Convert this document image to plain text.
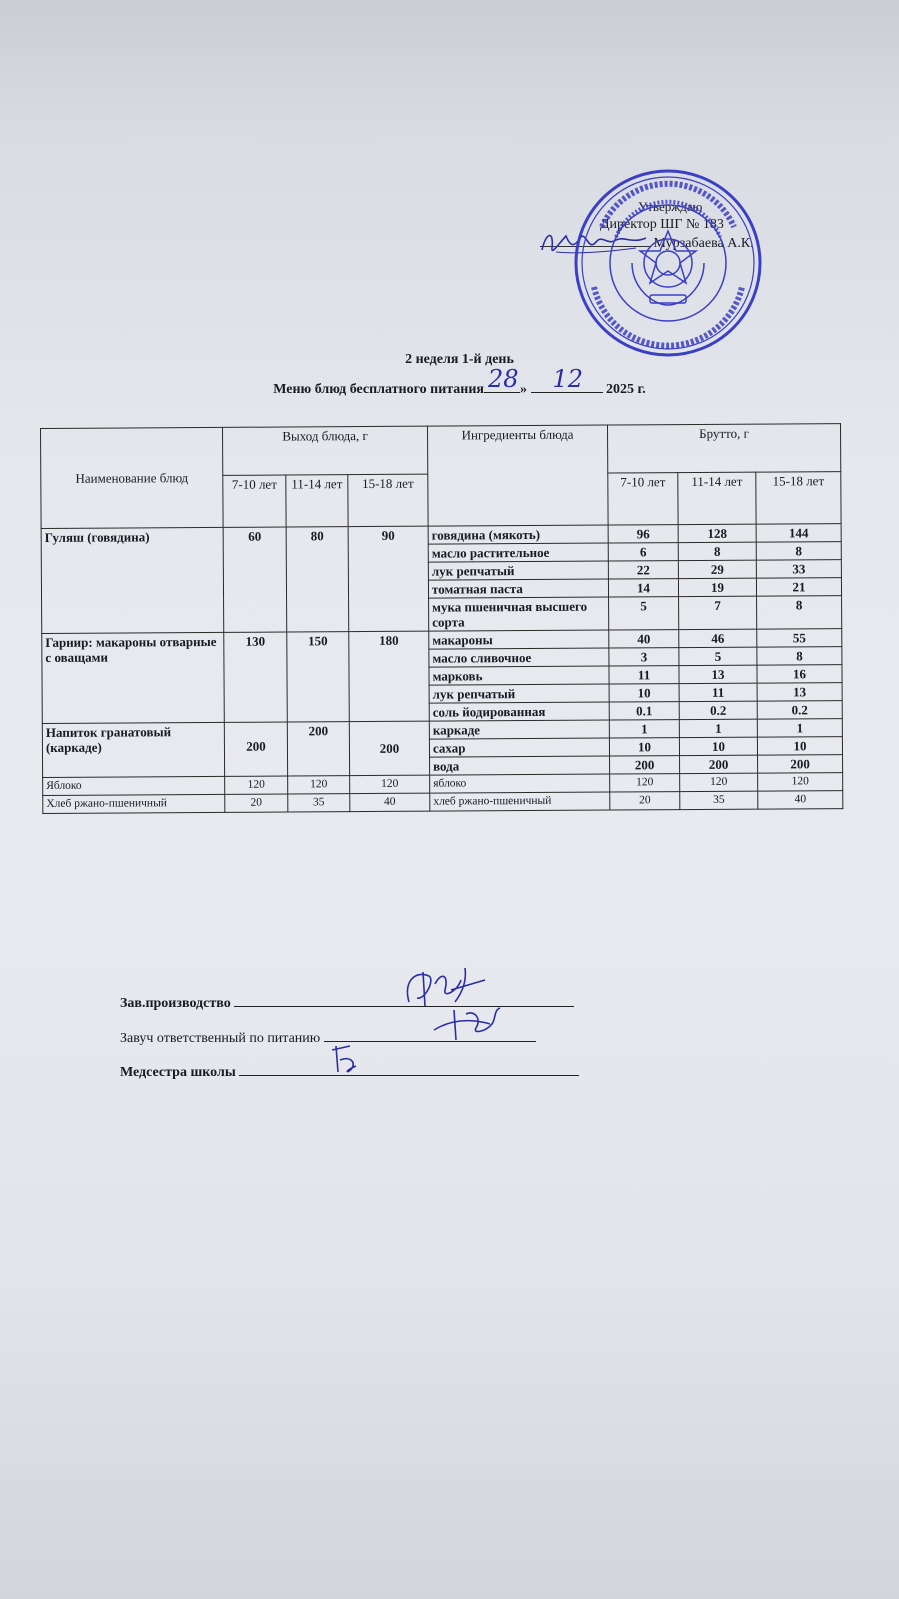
Утверждаю
Директор ШГ № 183
Мурзабаева А.К.
2 неделя 1-й день
Меню блюд бесплатного питания 28 » 12 2025 г.
Наименование блюд	Выход блюда, г			Ингредиенты блюда	Брутто, г		
	7-10 лет	11-14 лет	15-18 лет		7-10 лет	11-14 лет	15-18 лет
Гуляш (говядина)	60	80	90	говядина (мякоть)	96	128	144
				масло растительное	6	8	8
				лук репчатый	22	29	33
				томатная паста	14	19	21
				мука пшеничная высшего сорта	5	7	8
Гарнир: макароны отварные с оващами	130	150	180	макароны	40	46	55
				масло сливочное	3	5	8
				марковь	11	13	16
				лук репчатый	10	11	13
				соль йодированная	0.1	0.2	0.2
Напиток гранатовый (каркаде)	200	200	200	каркаде	1	1	1
				сахар	10	10	10
				вода	200	200	200
Яблоко	120	120	120	яблоко	120	120	120
Хлеб ржано-пшеничный	20	35	40	хлеб ржано-пшеничный	20	35	40
Зав.производство
Завуч ответственный по питанию
Медсестра школы
